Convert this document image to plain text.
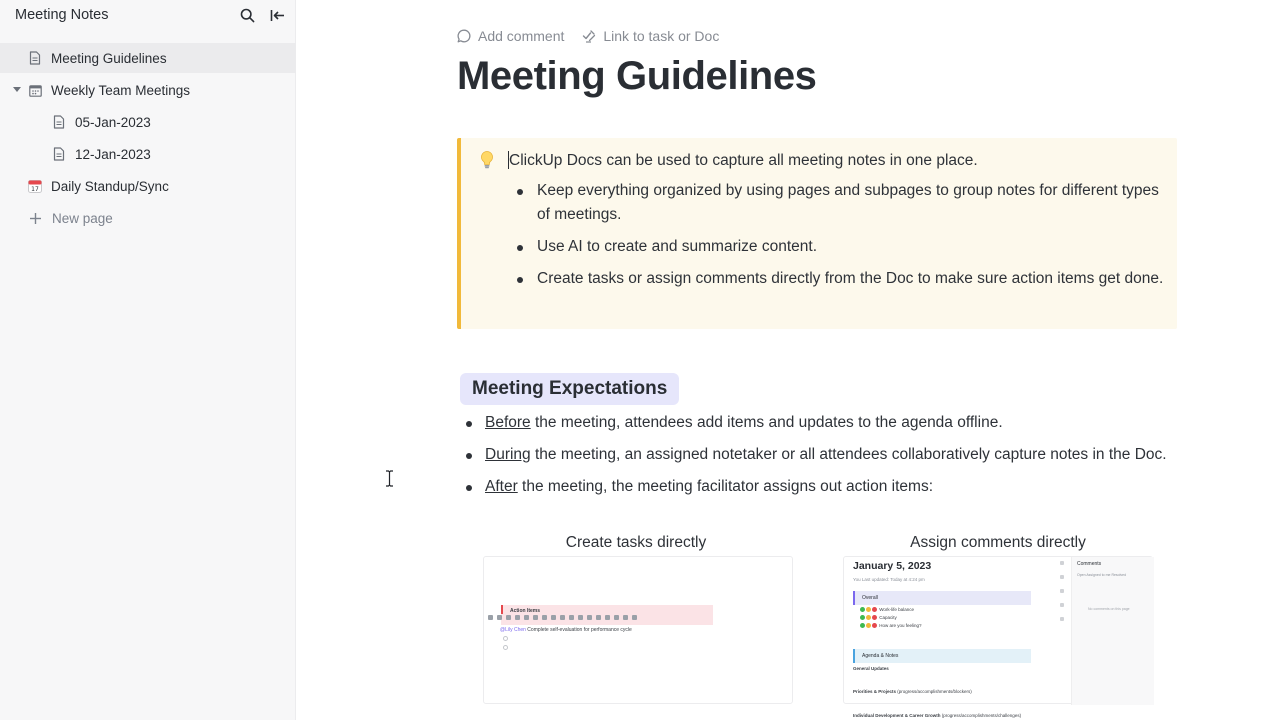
Meeting Notes
Meeting Guidelines
Weekly Team Meetings
05-Jan-2023
12-Jan-2023
17 Daily Standup/Sync
New page
Add comment	Link to task or Doc
Meeting Guidelines
ClickUp Docs can be used to capture all meeting notes in one place.
Keep everything organized by using pages and subpages to group notes for different types of meetings.
Use AI to create and summarize content.
Create tasks or assign comments directly from the Doc to make sure action items get done.
Meeting Expectations
Before the meeting, attendees add items and updates to the agenda offline.
During the meeting, an assigned notetaker or all attendees collaboratively capture notes in the Doc.
After the meeting, the meeting facilitator assigns out action items:
Create tasks directly	Assign comments directly
Action Items
@Lily Chen Complete self-evaluation for performance cycle
January 5, 2023
You Last updated: Today at 4:24 pm
Overall

Work-life balance

Capacity

How are you feeling?
Agenda & Notes
General Updates
Priorities & Projects (progress/accomplishments/blockers)
Individual Development & Career Growth (progress/accomplishments/challenges)
Comments
Open Assigned to me Resolved
No comments on this page
